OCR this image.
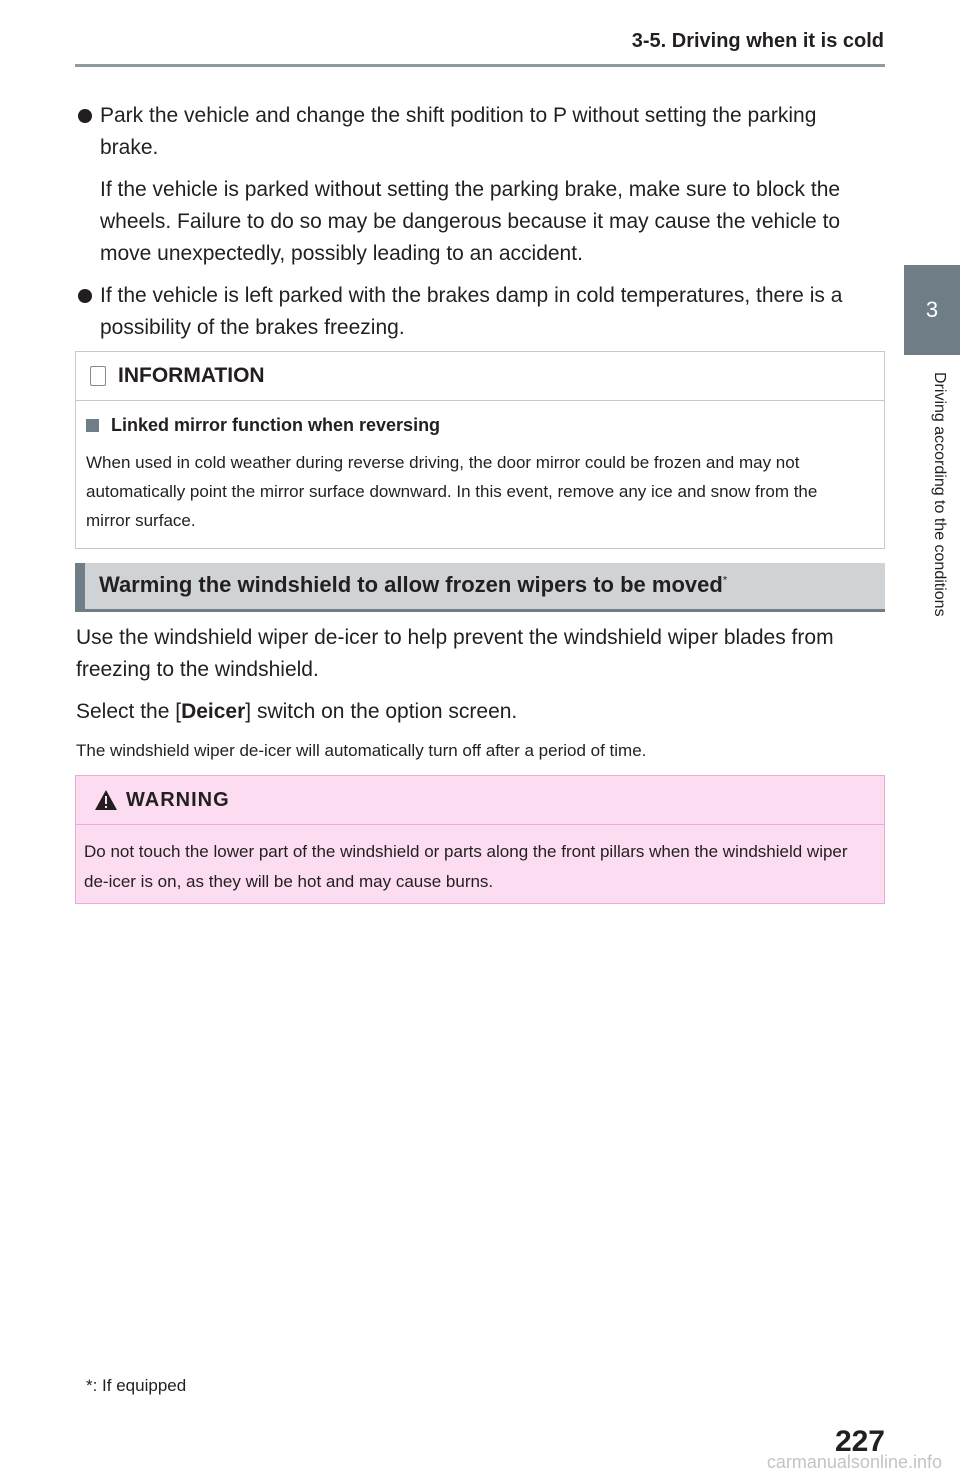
3-5. Driving when it is cold
3
Driving according to the conditions
Park the vehicle and change the shift podition to P without setting the parking brake.
If the vehicle is parked without setting the parking brake, make sure to block the wheels. Failure to do so may be dangerous because it may cause the vehicle to move unexpectedly, possibly leading to an accident.
If the vehicle is left parked with the brakes damp in cold temperatures, there is a possibility of the brakes freezing.
INFORMATION
Linked mirror function when reversing
When used in cold weather during reverse driving, the door mirror could be frozen and may not automatically point the mirror surface downward. In this event, remove any ice and snow from the mirror surface.
Warming the windshield to allow frozen wipers to be moved*
Use the windshield wiper de-icer to help prevent the windshield wiper blades from freezing to the windshield.
Select the [Deicer] switch on the option screen.
The windshield wiper de-icer will automatically turn off after a period of time.
WARNING
Do not touch the lower part of the windshield or parts along the front pillars when the windshield wiper de-icer is on, as they will be hot and may cause burns.
*: If equipped
227
carmanualsonline.info
